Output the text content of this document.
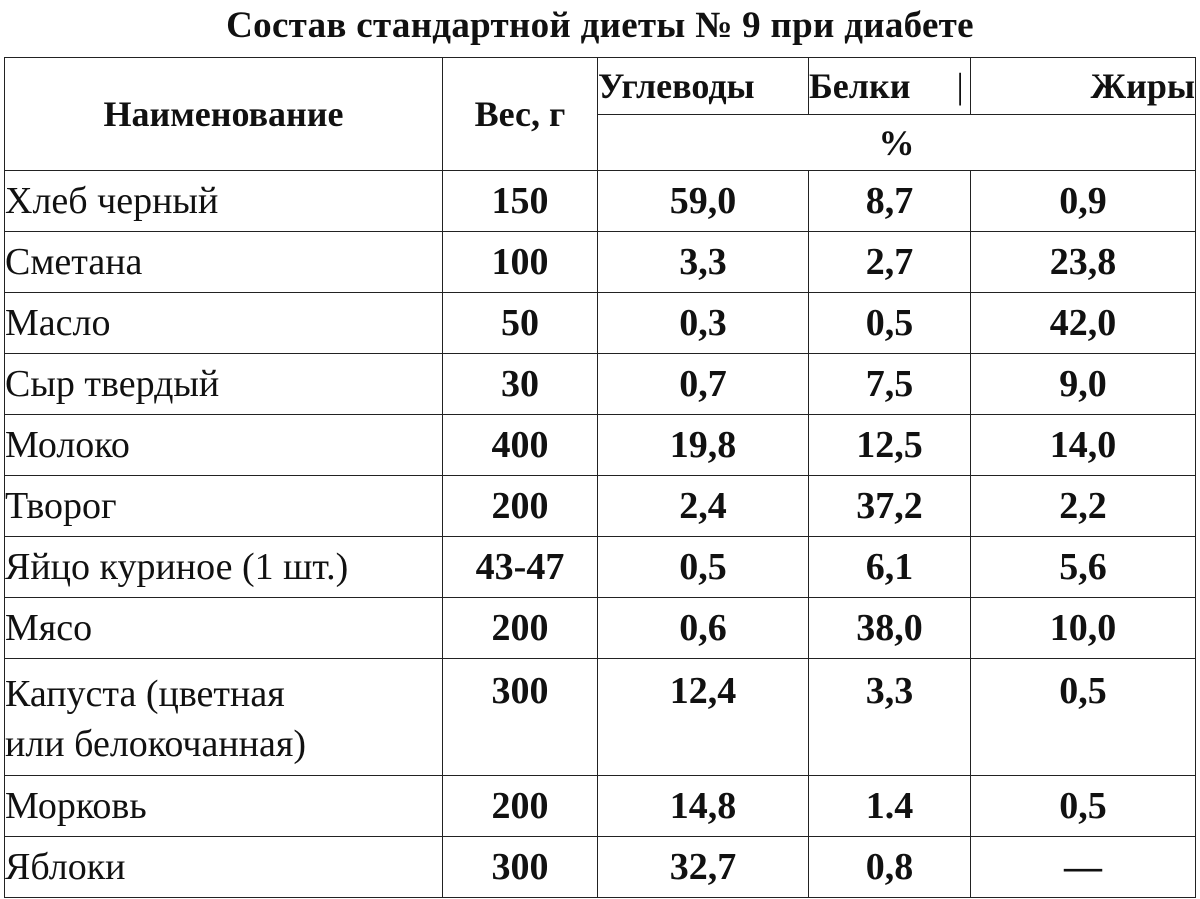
Состав стандартной диеты № 9 при диабете
Наименование	Вес, г	Углеводы	Белки |	Жиры
		%		
Хлеб черный	150	59,0	8,7	0,9
Сметана	100	3,3	2,7	23,8
Масло	50	0,3	0,5	42,0
Сыр твердый	30	0,7	7,5	9,0
Молоко	400	19,8	12,5	14,0
Творог	200	2,4	37,2	2,2
Яйцо куриное (1 шт.)	43-47	0,5	6,1	5,6
Мясо	200	0,6	38,0	10,0
Капуста (цветная
или белокочанная)	300	12,4	3,3	0,5
Морковь	200	14,8	1.4	0,5
Яблоки	300	32,7	0,8	—
